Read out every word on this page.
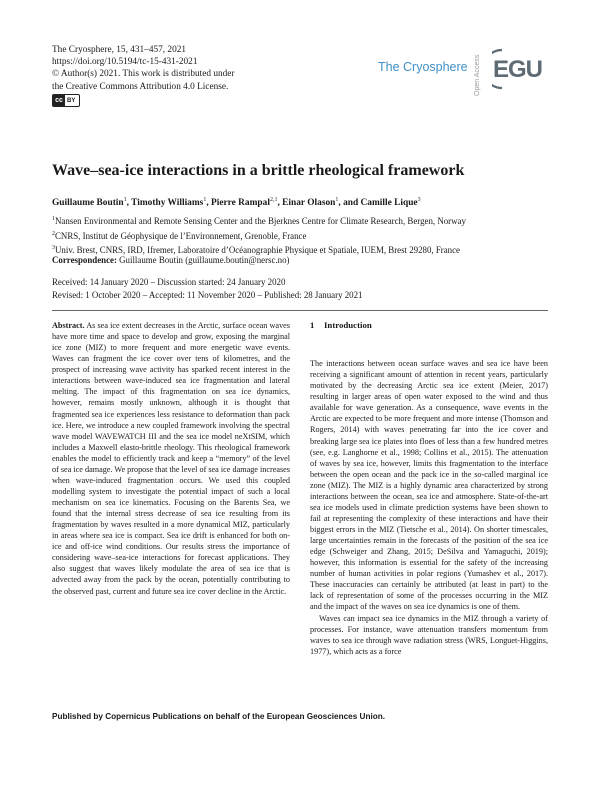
The Cryosphere, 15, 431–457, 2021
https://doi.org/10.5194/tc-15-431-2021
© Author(s) 2021. This work is distributed under
the Creative Commons Attribution 4.0 License.
cc BY
The Cryosphere Open Access EGU
Wave–sea-ice interactions in a brittle rheological framework
Guillaume Boutin$^1$, Timothy Williams$^1$, Pierre Rampal$^{2,1}$, Einar Olason$^1$, and Camille Lique$^3$
$^1$Nansen Environmental and Remote Sensing Center and the Bjerknes Centre for Climate Research, Bergen, Norway
$^2$CNRS, Institut de Géophysique de l’Environnement, Grenoble, France
$^3$Univ. Brest, CNRS, IRD, Ifremer, Laboratoire d’Océanographie Physique et Spatiale, IUEM, Brest 29280, France
Correspondence: Guillaume Boutin (guillaume.boutin@nersc.no)
Received: 14 January 2020 – Discussion started: 24 January 2020
Revised: 1 October 2020 – Accepted: 11 November 2020 – Published: 28 January 2021

Abstract. As sea ice extent decreases in the Arctic, surface ocean waves have more time and space to develop and grow, exposing the marginal ice zone (MIZ) to more frequent and more energetic wave events. Waves can fragment the ice cover over tens of kilometres, and the prospect of increasing wave activity has sparked recent interest in the interactions between wave-induced sea ice fragmentation and lateral melting. The impact of this fragmentation on sea ice dynamics, however, remains mostly unknown, although it is thought that fragmented sea ice experiences less resistance to deformation than pack ice. Here, we introduce a new coupled framework involving the spectral wave model WAVEWATCH III and the sea ice model neXtSIM, which includes a Maxwell elasto-brittle rheology. This rheological framework enables the model to efficiently track and keep a “memory” of the level of sea ice damage. We propose that the level of sea ice damage increases when wave-induced fragmentation occurs. We used this coupled modelling system to investigate the potential impact of such a local mechanism on sea ice kinematics. Focusing on the Barents Sea, we found that the internal stress decrease of sea ice resulting from its fragmentation by waves resulted in a more dynamical MIZ, particularly in areas where sea ice is compact. Sea ice drift is enhanced for both on-ice and off-ice wind conditions. Our results stress the importance of considering wave–sea-ice interactions for forecast applications. They also suggest that waves likely modulate the area of sea ice that is advected away from the pack by the ocean, potentially contributing to the observed past, current and future sea ice cover decline in the Arctic.

1 Introduction

The interactions between ocean surface waves and sea ice have been receiving a significant amount of attention in recent years, particularly motivated by the decreasing Arctic sea ice extent (Meier, 2017) resulting in larger areas of open water exposed to the wind and thus available for wave generation. As a consequence, wave events in the Arctic are expected to be more frequent and more intense (Thomson and Rogers, 2014) with waves penetrating far into the ice cover and breaking large sea ice plates into floes of less than a few hundred metres (see, e.g. Langhorne et al., 1998; Collins et al., 2015). The attenuation of waves by sea ice, however, limits this fragmentation to the interface between the open ocean and the pack ice in the so-called marginal ice zone (MIZ). The MIZ is a highly dynamic area characterized by strong interactions between the ocean, sea ice and atmosphere. State-of-the-art sea ice models used in climate prediction systems have been shown to fail at representing the complexity of these interactions and have their biggest errors in the MIZ (Tietsche et al., 2014). On shorter timescales, large uncertainties remain in the forecasts of the position of the sea ice edge (Schweiger and Zhang, 2015; DeSilva and Yamaguchi, 2019); however, this information is essential for the safety of the increasing number of human activities in polar regions (Yumashev et al., 2017). These inaccuracies can certainly be attributed (at least in part) to the lack of representation of some of the processes occurring in the MIZ and the impact of the waves on sea ice dynamics is one of them.

Waves can impact sea ice dynamics in the MIZ through a variety of processes. For instance, wave attenuation transfers momentum from waves to sea ice through wave radiation stress (WRS, Longuet-Higgins, 1977), which acts as a force

Published by Copernicus Publications on behalf of the European Geosciences Union.
